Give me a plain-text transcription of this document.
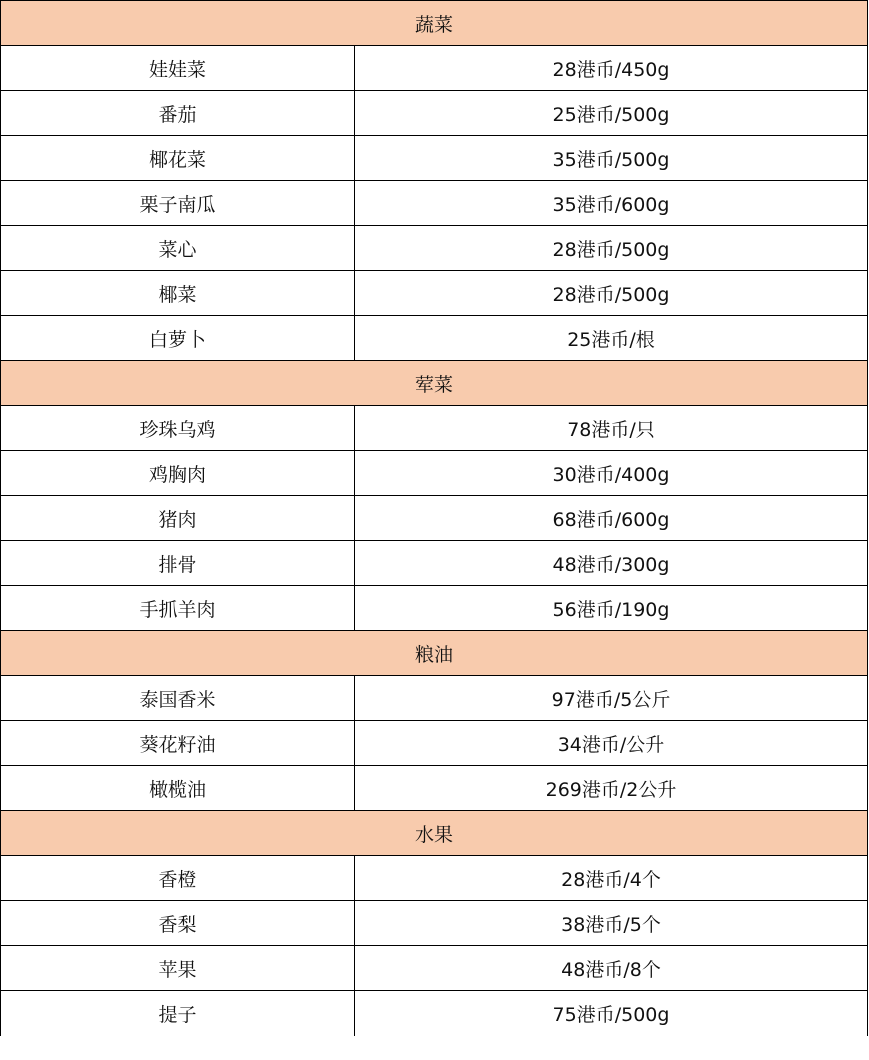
蔬菜	
娃娃菜	28港币/450g
番茄	25港币/500g
椰花菜	35港币/500g
栗子南瓜	35港币/600g
菜心	28港币/500g
椰菜	28港币/500g
白萝卜	25港币/根
荤菜	
珍珠乌鸡	78港币/只
鸡胸肉	30港币/400g
猪肉	68港币/600g
排骨	48港币/300g
手抓羊肉	56港币/190g
粮油	
泰国香米	97港币/5公斤
葵花籽油	34港币/公升
橄榄油	269港币/2公升
水果	
香橙	28港币/4个
香梨	38港币/5个
苹果	48港币/8个
提子	75港币/500g
